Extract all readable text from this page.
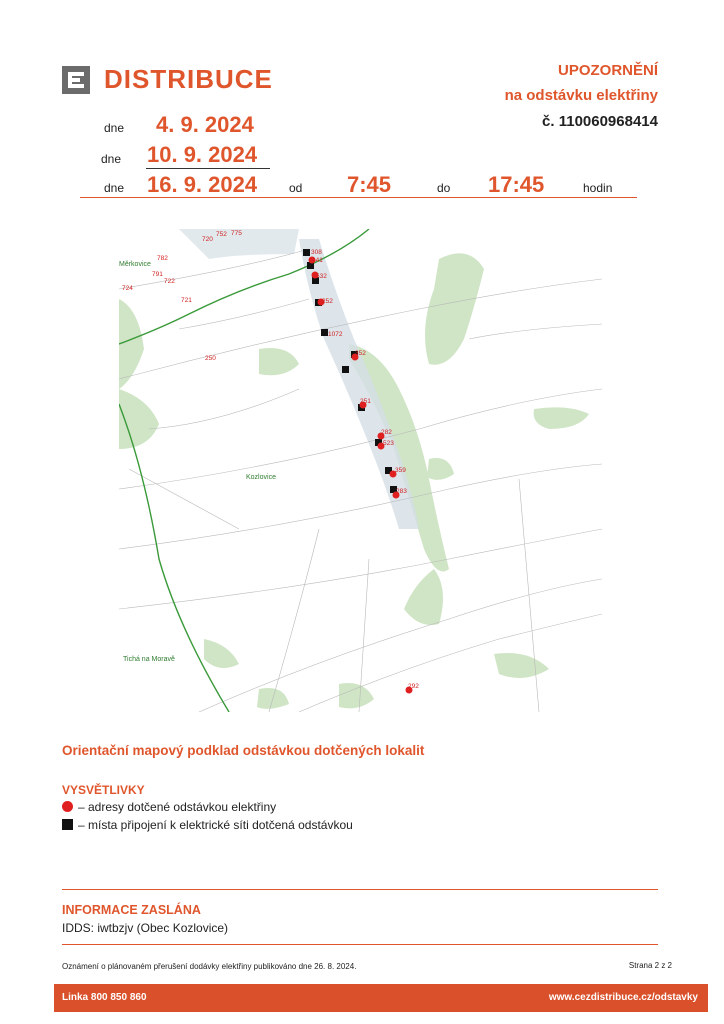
DISTRIBUCE	UPOZORNĚNÍ
na odstávku elektřiny
č. 110060968414
dne 4. 9. 2024
dne 10. 9. 2024
dne 16. 9. 2024	od 7:45	do 17:45	hodin
Měrkovice
Kozlovice
Tichá na Moravě
720
752 775
782
791
722
724
721
250
308
141
532
252
1072
352
251
282
523
359
283
292
Orientační mapový podklad odstávkou dotčených lokalit
VYSVĚTLIVKY
– adresy dotčené odstávkou elektřiny
– místa připojení k elektrické síti dotčená odstávkou
INFORMACE ZASLÁNA
IDDS: iwtbzjv (Obec Kozlovice)
Oznámení o plánovaném přerušení dodávky elektřiny publikováno dne 26. 8. 2024.	Strana 2 z 2
Linka 800 850 860	www.cezdistribuce.cz/odstavky
